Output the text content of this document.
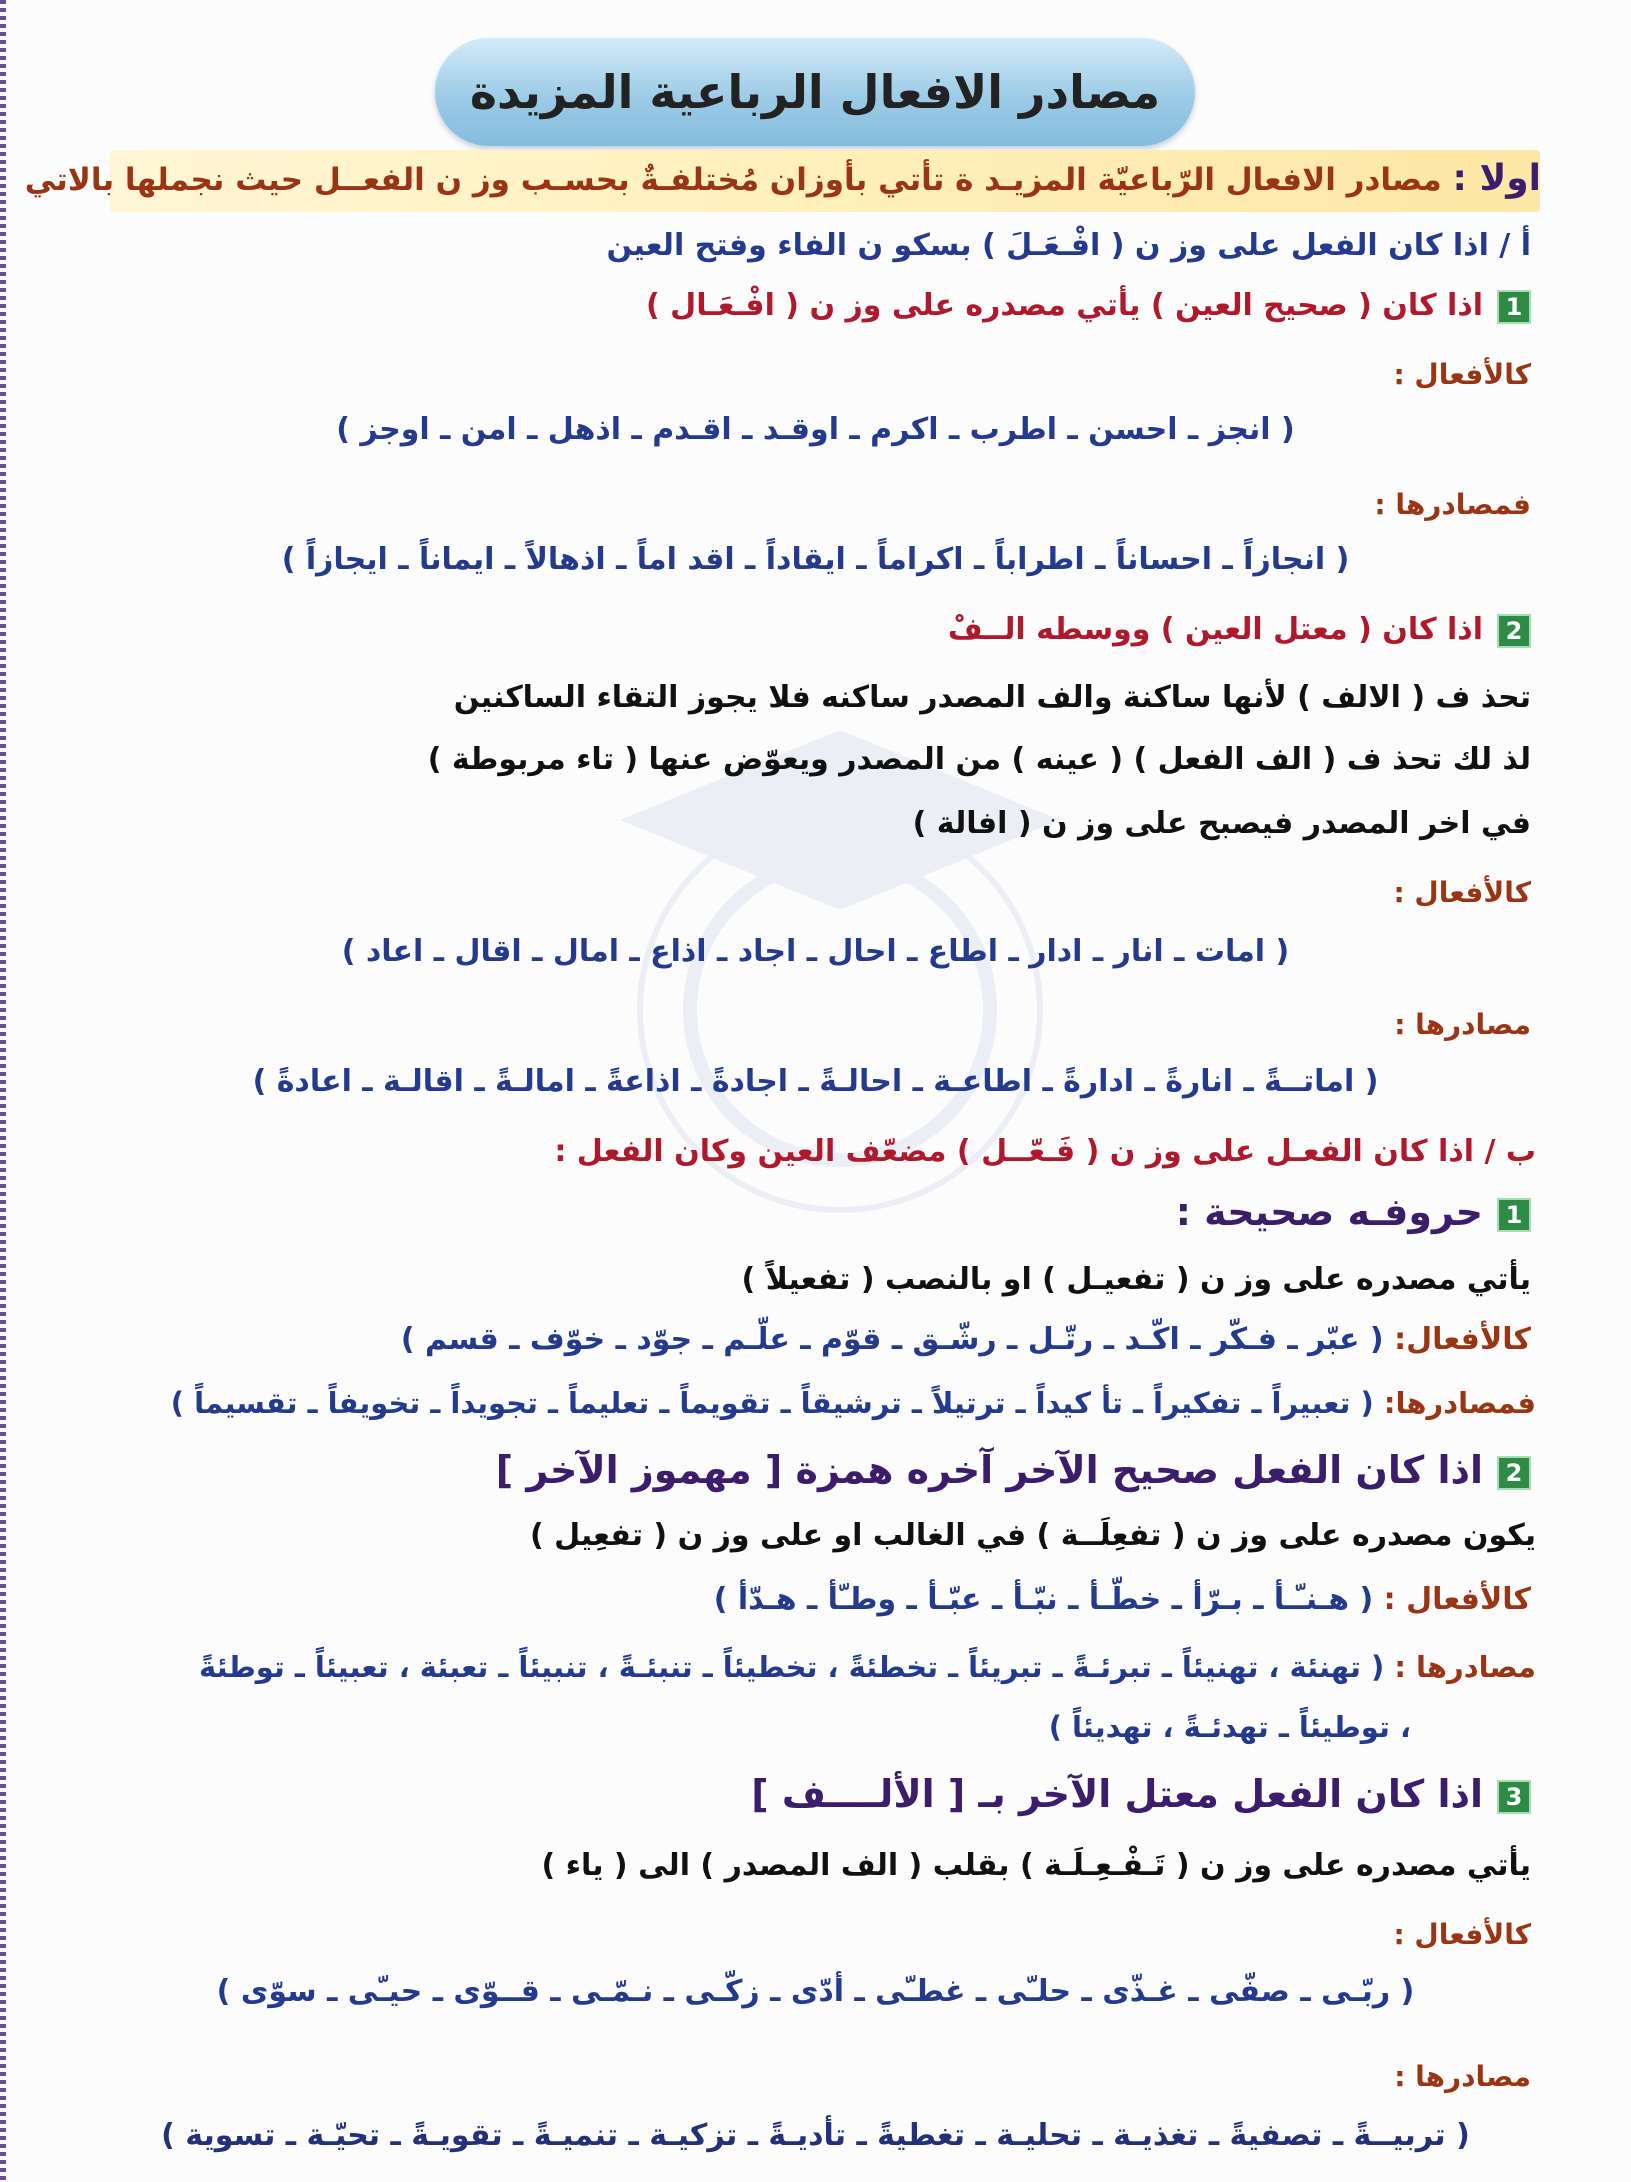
مصادر الافعال الرباعية المزيدة
اولا : مصادر الافعال الرّباعيّة المزيـد ة تأتي بأوزان مُختلفـةٌ بحسـب وز ن الفعــل حيث نجملها بالاتي
أ / اذا كان الفعل على وز ن ( افْـعَـلَ ) بسكو ن الفاء وفتح العين
1اذا كان ( صحيح العين ) يأتي مصدره على وز ن ( افْـعَـال )
كالأفعال :
( انجز ـ احسن ـ اطرب ـ اكرم ـ اوقـد ـ اقـدم ـ اذهل ـ امن ـ اوجز )
فمصادرها :
( انجازاً ـ احساناً ـ اطراباً ـ اكراماً ـ ايقاداً ـ اقد اماً ـ اذهالاً ـ ايماناً ـ ايجازاً )
2اذا كان ( معتل العين ) ووسطه الــفْ
تحذ ف ( الالف ) لأنها ساكنة والف المصدر ساكنه فلا يجوز التقاء الساكنين
لذ لك تحذ ف ( الف الفعل ) ( عينه ) من المصدر ويعوّض عنها ( تاء مربوطة )
في اخر المصدر فيصبح على وز ن ( افالة )
كالأفعال :
( امات ـ انار ـ ادار ـ اطاع ـ احال ـ اجاد ـ اذاع ـ امال ـ اقال ـ اعاد )
مصادرها :
( اماتــةً ـ انارةً ـ ادارةً ـ اطاعـة ـ احالـةً ـ اجادةً ـ اذاعةً ـ امالـةً ـ اقالـة ـ اعادةً )
ب / اذا كان الفعـل على وز ن ( فَـعّــل ) مضعّف العين وكان الفعل :
1حروفـه صحيحة :
يأتي مصدره على وز ن ( تفعيـل ) او بالنصب ( تفعيلاً )
كالأفعال: ( عبّر ـ فـكّر ـ اكّـد ـ رتّـل ـ رشّـق ـ قوّم ـ علّـم ـ جوّد ـ خوّف ـ قسم )
فمصادرها: ( تعبيراً ـ تفكيراً ـ تأ كيداً ـ ترتيلاً ـ ترشيقاً ـ تقويماً ـ تعليماً ـ تجويداً ـ تخويفاً ـ تقسيماً )
2اذا كان الفعل صحيح الآخر آخره همزة [ مهموز الآخر ]
يكون مصدره على وز ن ( تفعِلَــة ) في الغالب او على وز ن ( تفعِيل )
كالأفعال : ( هـنـّـأ ـ بـرّأ ـ خطّـأ ـ نبّـأ ـ عبّـأ ـ وطـّأ ـ هـدّأ )
مصادرها : ( تهنئة ، تهنيئاً ـ تبرئـةً ـ تبريئاً ـ تخطئةً ، تخطيئاً ـ تنبئـةً ، تنبيئاً ـ تعبئة ، تعبيئاً ـ توطئةً
، توطيئاً ـ تهدئـةً ، تهديئاً )
3اذا كان الفعل معتل الآخر بـ [ الألــــف ]
يأتي مصدره على وز ن ( تَـفْـعِـلَـة ) بقلب ( الف المصدر ) الى ( ياء )
كالأفعال :
( ربّـى ـ صفّى ـ غـذّى ـ حلـّى ـ غطـّى ـ أدّى ـ زكّـى ـ نـمّـى ـ قــوّى ـ حيـّى ـ سوّى )
مصادرها :
( تربيــةً ـ تصفيةً ـ تغذيـة ـ تحليـة ـ تغطيةً ـ تأديـةً ـ تزكيـة ـ تنميـةً ـ تقويـةً ـ تحيّـة ـ تسوية )
